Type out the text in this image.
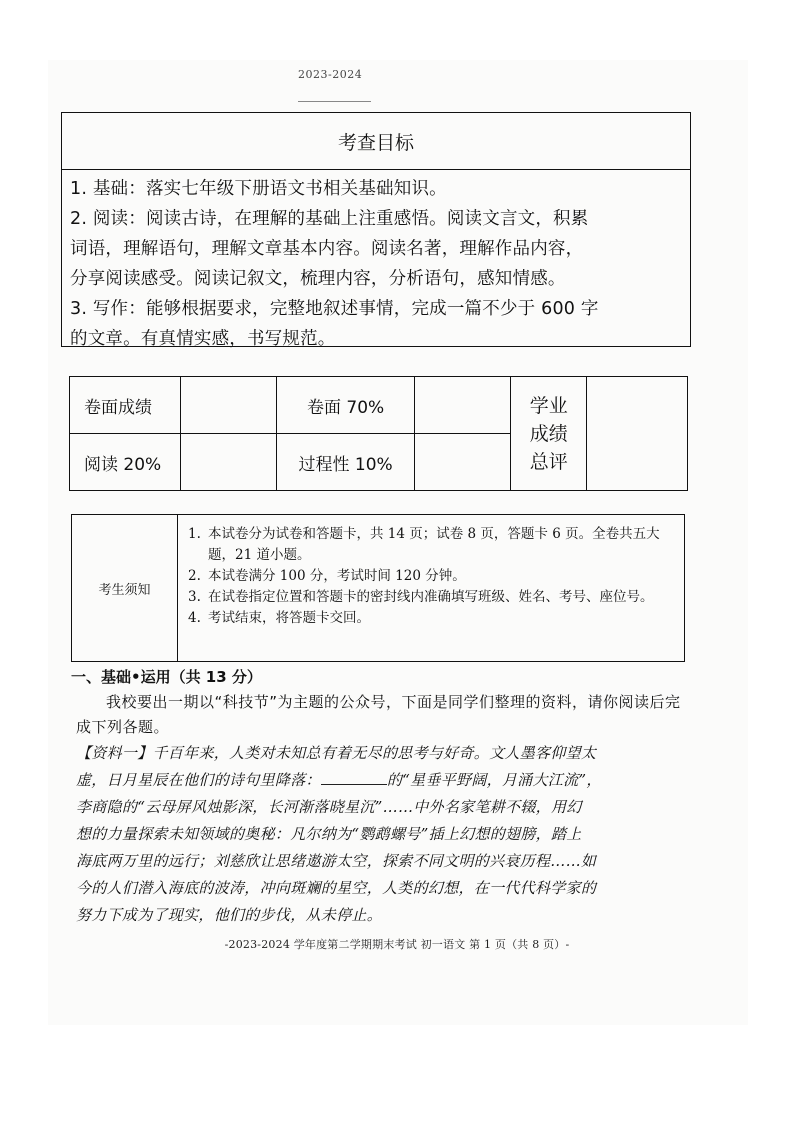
2023-2024
考查目标

1. 基础：落实七年级下册语文书相关基础知识。

2. 阅读：阅读古诗，在理解的基础上注重感悟。阅读文言文，积累

词语，理解语句，理解文章基本内容。阅读名著，理解作品内容，

分享阅读感受。阅读记叙文，梳理内容，分析语句，感知情感。

3. 写作：能够根据要求，完整地叙述事情，完成一篇不少于 600 字

的文章。有真情实感，书写规范。

卷面成绩		卷面 70%		学业
成绩
总评	

阅读 20%		过程性 10%			
考生须知
1. 本试卷分为试卷和答题卡，共 14 页；试卷 8 页，答题卡 6 页。全卷共五大题，21 道小题。
2. 本试卷满分 100 分，考试时间 120 分钟。
3. 在试卷指定位置和答题卡的密封线内准确填写班级、姓名、考号、座位号。
4. 考试结束，将答题卡交回。
一、基础•运用（共 13 分）
我校要出一期以“科技节”为主题的公众号，下面是同学们整理的资料，请你阅读后完成下列各题。
【资料一】千百年来，人类对未知总有着无尽的思考与好奇。文人墨客仰望太
虚，日月星辰在他们的诗句里降落：	的“星垂平野阔，月涌大江流”，
李商隐的“云母屏风烛影深，长河渐落晓星沉”……中外名家笔耕不辍，用幻
想的力量探索未知领域的奥秘：凡尔纳为“鹦鹉螺号”插上幻想的翅膀，踏上
海底两万里的远行；刘慈欣让思绪遨游太空，探索不同文明的兴衰历程……如
今的人们潜入海底的波涛，冲向斑斓的星空，人类的幻想，在一代代科学家的
努力下成为了现实，他们的步伐，从未停止。
-2023-2024 学年度第二学期期末考试 初一语文 第 1 页（共 8 页）-
